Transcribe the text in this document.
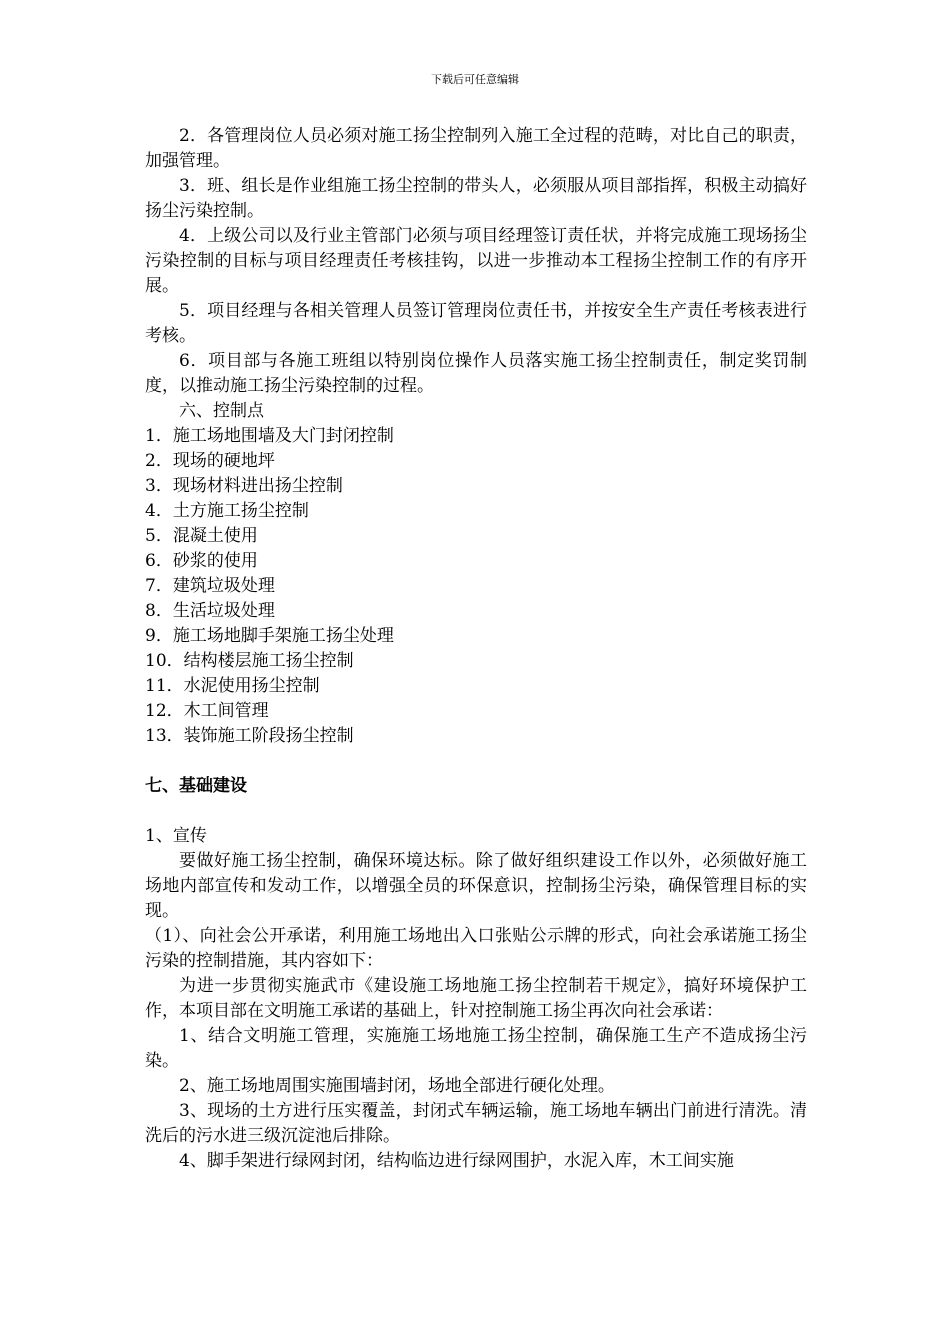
下载后可任意编辑

2．各管理岗位人员必须对施工扬尘控制列入施工全过程的范畴，对比自己的职责，加强管理。

3．班、组长是作业组施工扬尘控制的带头人，必须服从项目部指挥，积极主动搞好扬尘污染控制。

4．上级公司以及行业主管部门必须与项目经理签订责任状，并将完成施工现场扬尘污染控制的目标与项目经理责任考核挂钩，以进一步推动本工程扬尘控制工作的有序开展。

5．项目经理与各相关管理人员签订管理岗位责任书，并按安全生产责任考核表进行考核。

6．项目部与各施工班组以特别岗位操作人员落实施工扬尘控制责任，制定奖罚制度，以推动施工扬尘污染控制的过程。

六、控制点

1．施工场地围墙及大门封闭控制

2．现场的硬地坪

3．现场材料进出扬尘控制

4．土方施工扬尘控制

5．混凝土使用

6．砂浆的使用

7．建筑垃圾处理

8．生活垃圾处理

9．施工场地脚手架施工扬尘处理

10．结构楼层施工扬尘控制

11．水泥使用扬尘控制

12．木工间管理

13．装饰施工阶段扬尘控制

七、基础建设

1、宣传

要做好施工扬尘控制，确保环境达标。除了做好组织建设工作以外，必须做好施工场地内部宣传和发动工作，以增强全员的环保意识，控制扬尘污染，确保管理目标的实现。

（1）、向社会公开承诺，利用施工场地出入口张贴公示牌的形式，向社会承诺施工扬尘污染的控制措施，其内容如下：

为进一步贯彻实施武市《建设施工场地施工扬尘控制若干规定》，搞好环境保护工作，本项目部在文明施工承诺的基础上，针对控制施工扬尘再次向社会承诺：

1、结合文明施工管理，实施施工场地施工扬尘控制，确保施工生产不造成扬尘污染。

2、施工场地周围实施围墙封闭，场地全部进行硬化处理。

3、现场的土方进行压实覆盖，封闭式车辆运输，施工场地车辆出门前进行清洗。清洗后的污水进三级沉淀池后排除。

4、脚手架进行绿网封闭，结构临边进行绿网围护，水泥入库，木工间实施
